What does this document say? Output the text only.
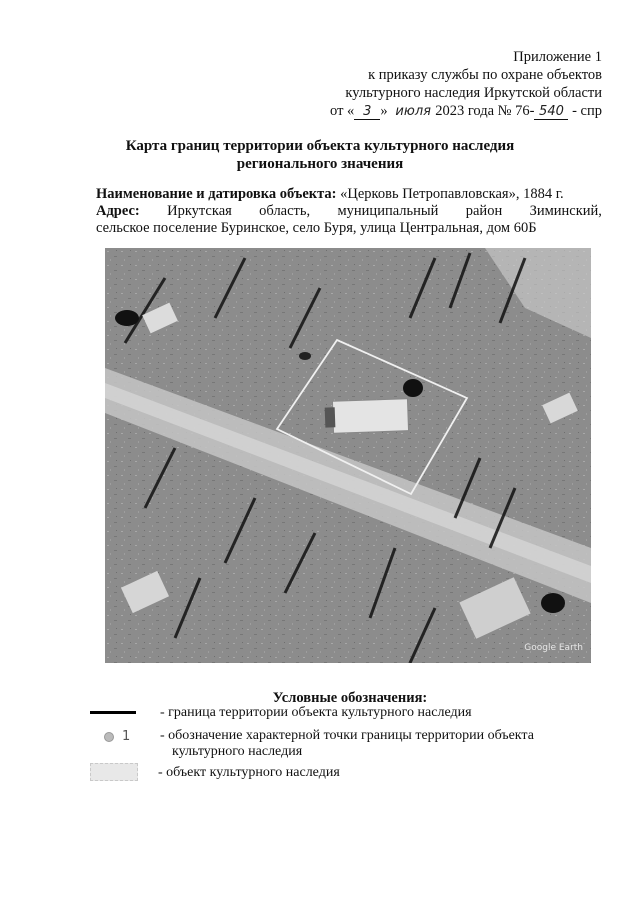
Приложение 1
к приказу службы по охране объектов
культурного наследия Иркутской области
от « 3 » июля 2023 года № 76- 540 - спр
Карта границ территории объекта культурного наследия
регионального значения
Наименование и датировка объекта: «Церковь Петропавловская», 1884 г.
Адрес: Иркутская область, муниципальный район Зиминский,
сельское поселение Буринское, село Буря, улица Центральная, дом 60Б
Google Earth
Условные обозначения:
- граница территории объекта культурного наследия
1 - обозначение характерной точки границы территории объекта
культурного наследия
- объект культурного наследия
